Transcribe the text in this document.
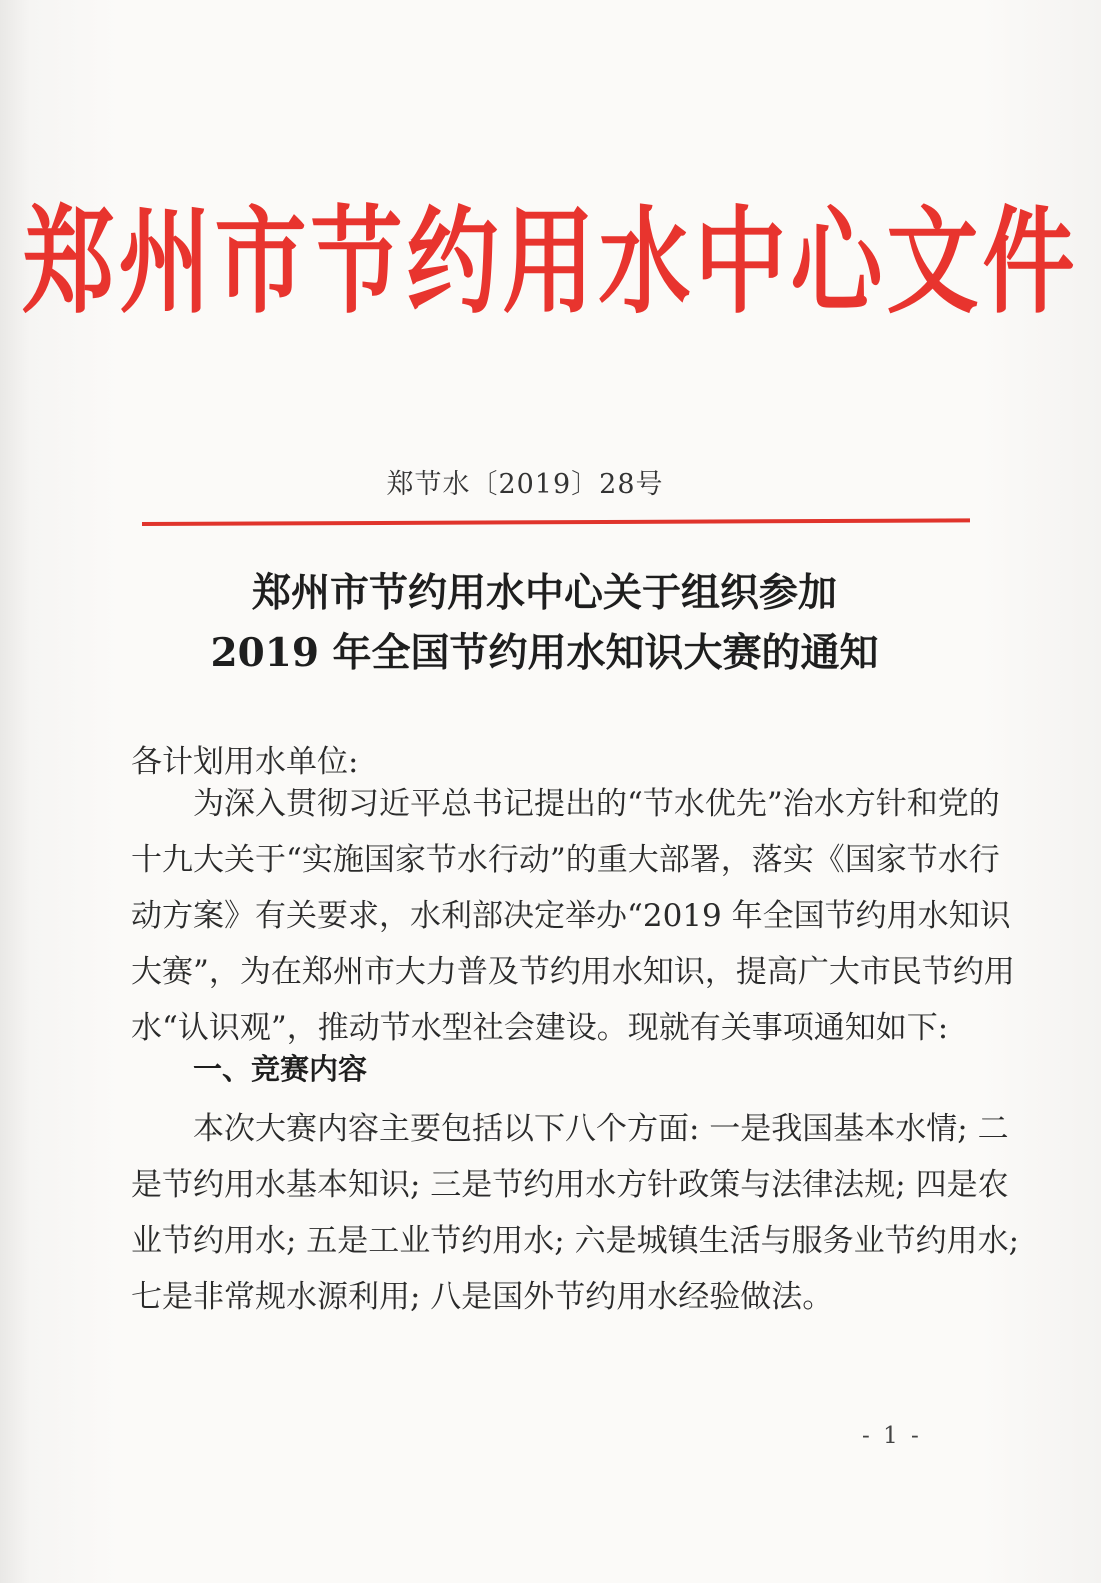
郑州市节约用水中心文件
郑节水〔2019〕28号
郑州市节约用水中心关于组织参加
2019 年全国节约用水知识大赛的通知
各计划用水单位:
为深入贯彻习近平总书记提出的“节水优先”治水方针和党的
十九大关于“实施国家节水行动”的重大部署，落实《国家节水行
动方案》有关要求，水利部决定举办“2019 年全国节约用水知识
大赛”，为在郑州市大力普及节约用水知识，提高广大市民节约用
水“认识观”，推动节水型社会建设。现就有关事项通知如下:
一、竞赛内容
本次大赛内容主要包括以下八个方面: 一是我国基本水情; 二
是节约用水基本知识; 三是节约用水方针政策与法律法规; 四是农
业节约用水; 五是工业节约用水; 六是城镇生活与服务业节约用水;
七是非常规水源利用; 八是国外节约用水经验做法。
- 1 -
